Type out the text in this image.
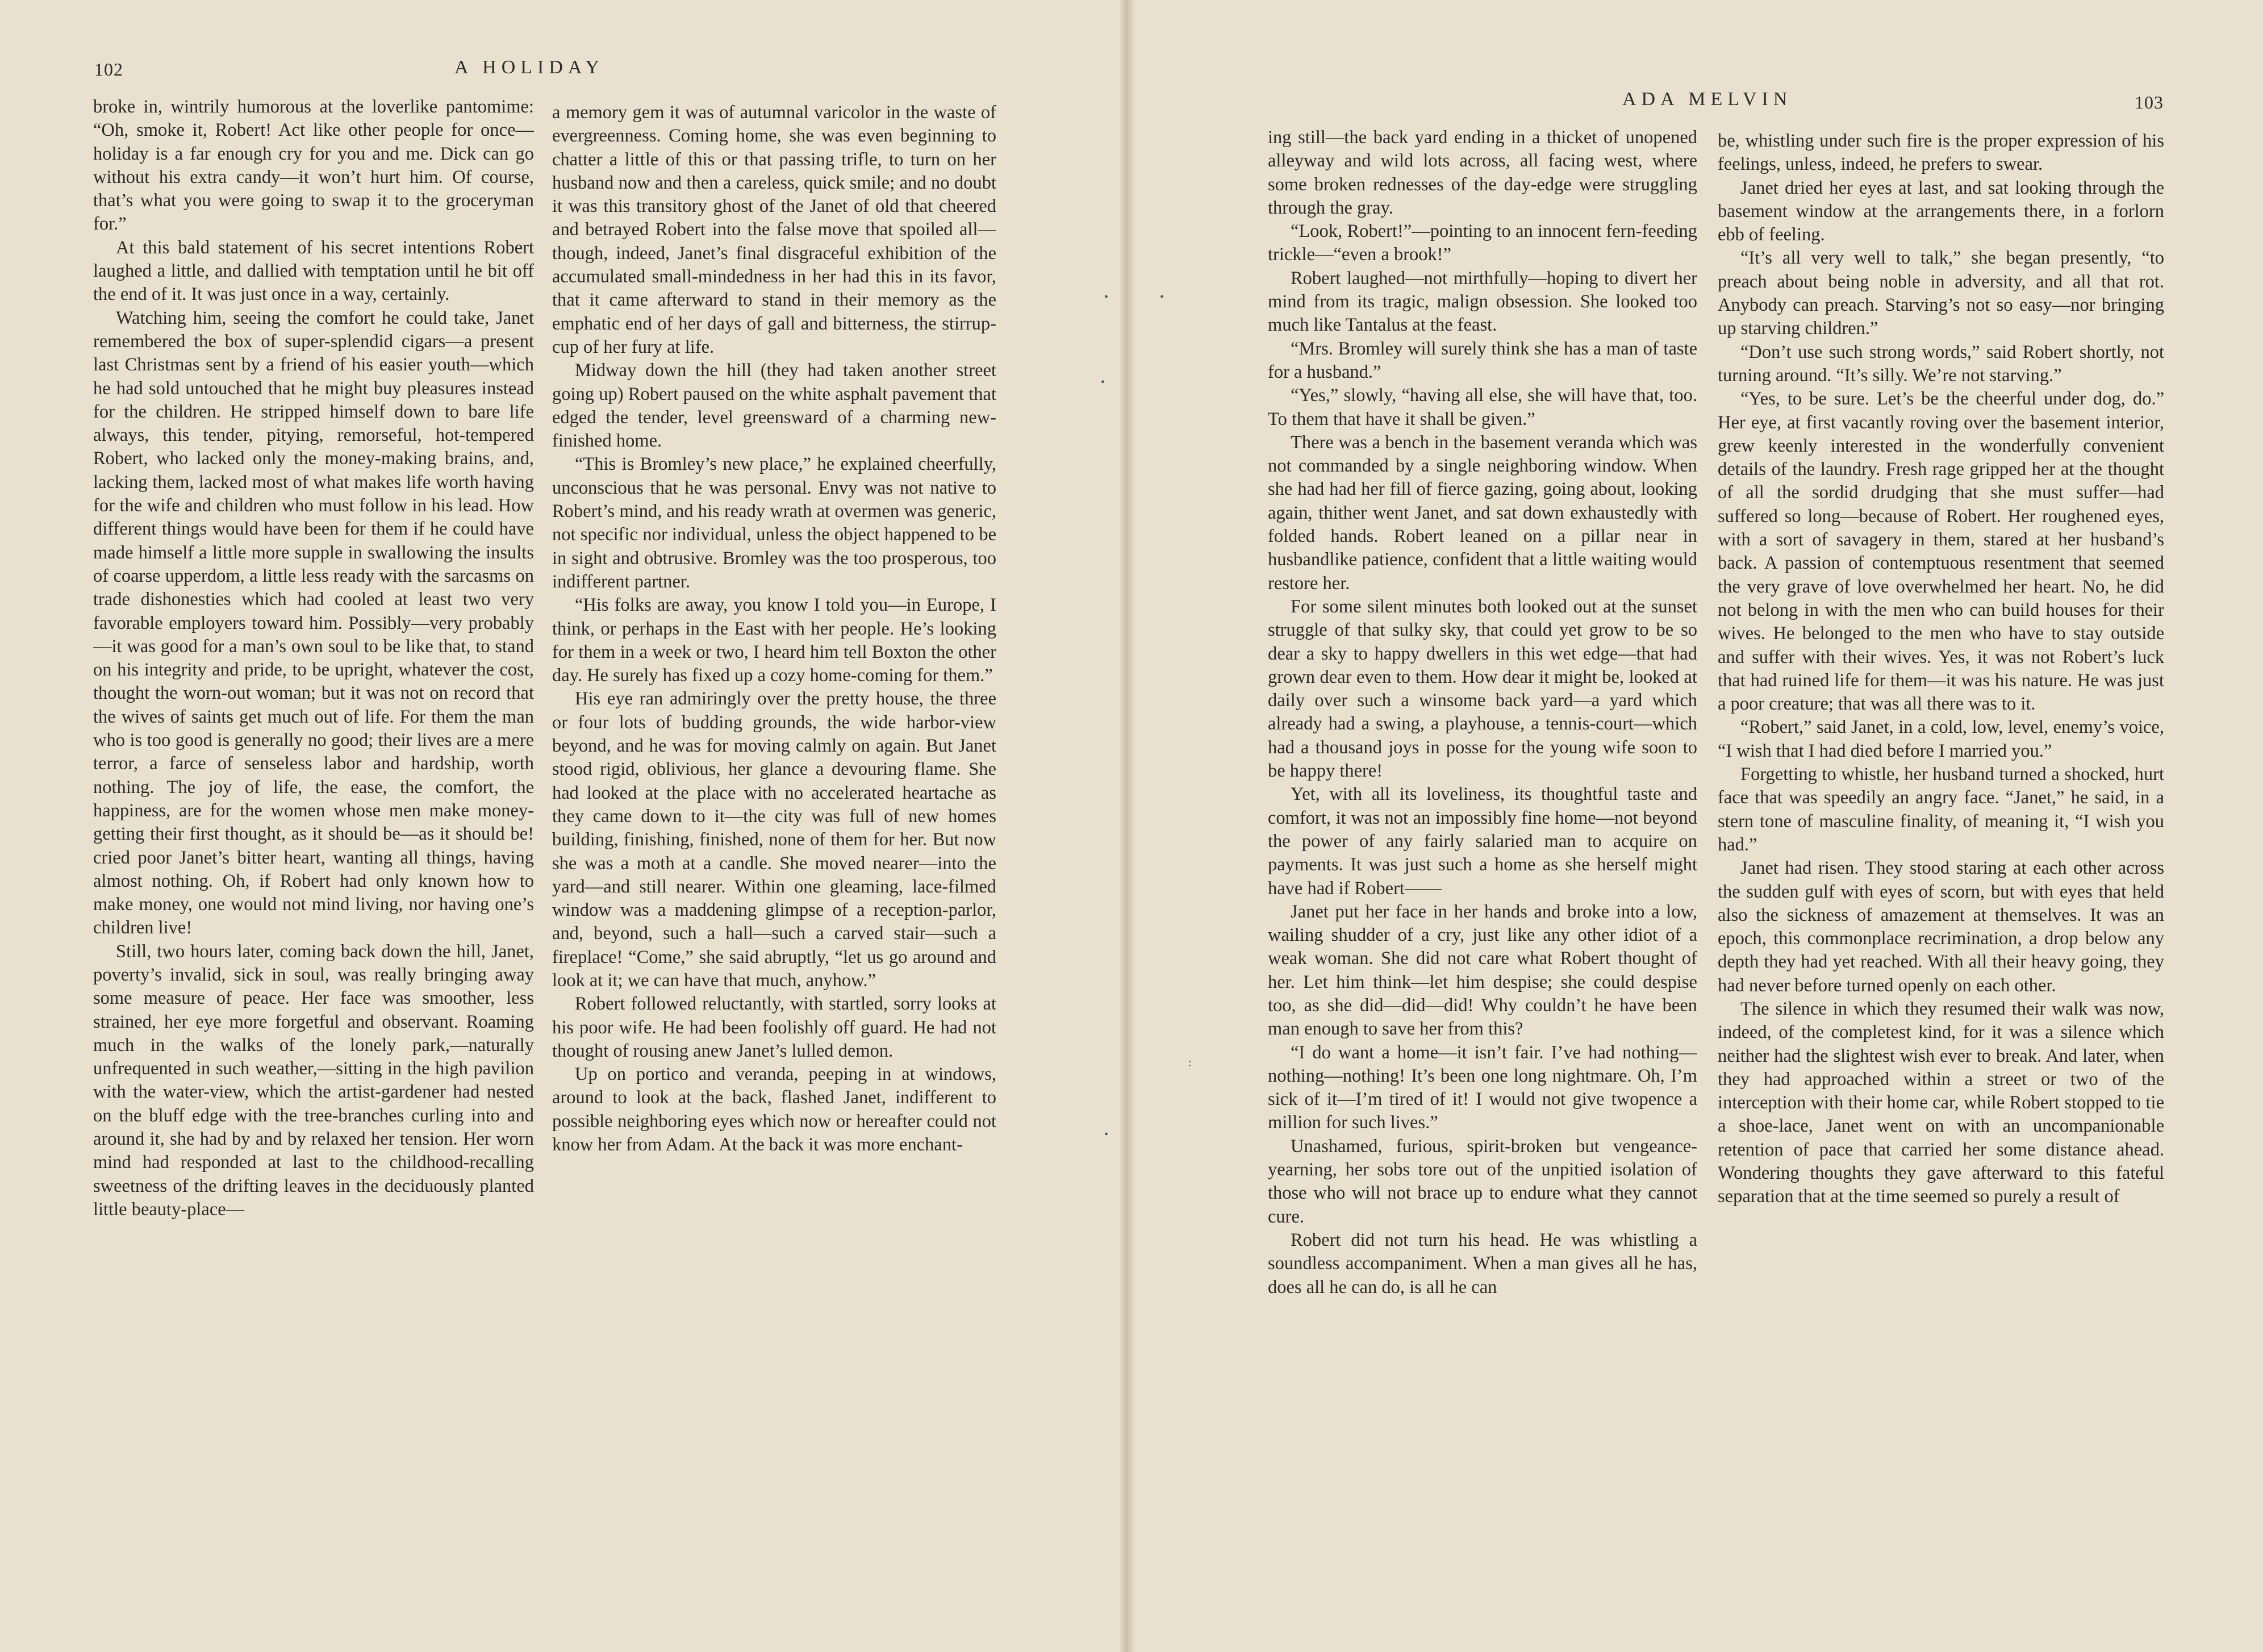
102	A HOLIDAY

broke in, wintrily humorous at the loverlike pantomime: “Oh, smoke it, Robert! Act like other people for once—holiday is a far enough cry for you and me. Dick can go without his extra candy—it won’t hurt him. Of course, that’s what you were going to swap it to the groceryman for.”

At this bald statement of his secret intentions Robert laughed a little, and dallied with temptation until he bit off the end of it. It was just once in a way, certainly.

Watching him, seeing the comfort he could take, Janet remembered the box of super-splendid cigars—a present last Christmas sent by a friend of his easier youth—which he had sold untouched that he might buy pleasures instead for the children. He stripped himself down to bare life always, this tender, pitying, remorseful, hot-tempered Robert, who lacked only the money-making brains, and, lacking them, lacked most of what makes life worth having for the wife and children who must follow in his lead. How different things would have been for them if he could have made himself a little more supple in swallowing the insults of coarse upperdom, a little less ready with the sarcasms on trade dishonesties which had cooled at least two very favorable employers toward him. Possibly—very probably—it was good for a man’s own soul to be like that, to stand on his integrity and pride, to be upright, whatever the cost, thought the worn-out woman; but it was not on record that the wives of saints get much out of life. For them the man who is too good is generally no good; their lives are a mere terror, a farce of senseless labor and hardship, worth nothing. The joy of life, the ease, the comfort, the happiness, are for the women whose men make money-getting their first thought, as it should be—as it should be! cried poor Janet’s bitter heart, wanting all things, having almost nothing. Oh, if Robert had only known how to make money, one would not mind living, nor having one’s children live!

Still, two hours later, coming back down the hill, Janet, poverty’s invalid, sick in soul, was really bringing away some measure of peace. Her face was smoother, less strained, her eye more forgetful and observant. Roaming much in the walks of the lonely park,—naturally unfrequented in such weather,—sitting in the high pavilion with the water-view, which the artist-gardener had nested on the bluff edge with the tree-branches curling into and around it, she had by and by relaxed her tension. Her worn mind had responded at last to the childhood-recalling sweetness of the drifting leaves in the deciduously planted little beauty-place—

a memory gem it was of autumnal varicolor in the waste of evergreenness. Coming home, she was even beginning to chatter a little of this or that passing trifle, to turn on her husband now and then a careless, quick smile; and no doubt it was this transitory ghost of the Janet of old that cheered and betrayed Robert into the false move that spoiled all—though, indeed, Janet’s final disgraceful exhibition of the accumulated small-mindedness in her had this in its favor, that it came afterward to stand in their memory as the emphatic end of her days of gall and bitterness, the stirrup-cup of her fury at life.

Midway down the hill (they had taken another street going up) Robert paused on the white asphalt pavement that edged the tender, level greensward of a charming new-finished home.

“This is Bromley’s new place,” he explained cheerfully, unconscious that he was personal. Envy was not native to Robert’s mind, and his ready wrath at overmen was generic, not specific nor individual, unless the object happened to be in sight and obtrusive. Bromley was the too prosperous, too indifferent partner.

“His folks are away, you know I told you—in Europe, I think, or perhaps in the East with her people. He’s looking for them in a week or two, I heard him tell Boxton the other day. He surely has fixed up a cozy home-coming for them.”

His eye ran admiringly over the pretty house, the three or four lots of budding grounds, the wide harbor-view beyond, and he was for moving calmly on again. But Janet stood rigid, oblivious, her glance a devouring flame. She had looked at the place with no accelerated heartache as they came down to it—the city was full of new homes building, finishing, finished, none of them for her. But now she was a moth at a candle. She moved nearer—into the yard—and still nearer. Within one gleaming, lace-filmed window was a maddening glimpse of a reception-parlor, and, beyond, such a hall—such a carved stair—such a fireplace! “Come,” she said abruptly, “let us go around and look at it; we can have that much, anyhow.”

Robert followed reluctantly, with startled, sorry looks at his poor wife. He had been foolishly off guard. He had not thought of rousing anew Janet’s lulled demon.

Up on portico and veranda, peeping in at windows, around to look at the back, flashed Janet, indifferent to possible neighboring eyes which now or hereafter could not know her from Adam. At the back it was more enchant-

•
•
•
ADA MELVIN	103

ing still—the back yard ending in a thicket of unopened alleyway and wild lots across, all facing west, where some broken rednesses of the day-edge were struggling through the gray.

“Look, Robert!”—pointing to an innocent fern-feeding trickle—“even a brook!”

Robert laughed—not mirthfully—hoping to divert her mind from its tragic, malign obsession. She looked too much like Tantalus at the feast.

“Mrs. Bromley will surely think she has a man of taste for a husband.”

“Yes,” slowly, “having all else, she will have that, too. To them that have it shall be given.”

There was a bench in the basement veranda which was not commanded by a single neighboring window. When she had had her fill of fierce gazing, going about, looking again, thither went Janet, and sat down exhaustedly with folded hands. Robert leaned on a pillar near in husbandlike patience, confident that a little waiting would restore her.

For some silent minutes both looked out at the sunset struggle of that sulky sky, that could yet grow to be so dear a sky to happy dwellers in this wet edge—that had grown dear even to them. How dear it might be, looked at daily over such a winsome back yard—a yard which already had a swing, a playhouse, a tennis-court—which had a thousand joys in posse for the young wife soon to be happy there!

Yet, with all its loveliness, its thoughtful taste and comfort, it was not an impossibly fine home—not beyond the power of any fairly salaried man to acquire on payments. It was just such a home as she herself might have had if Robert——

Janet put her face in her hands and broke into a low, wailing shudder of a cry, just like any other idiot of a weak woman. She did not care what Robert thought of her. Let him think—let him despise; she could despise too, as she did—did—did! Why couldn’t he have been man enough to save her from this?

“I do want a home—it isn’t fair. I’ve had nothing—nothing—nothing! It’s been one long nightmare. Oh, I’m sick of it—I’m tired of it! I would not give twopence a million for such lives.”

Unashamed, furious, spirit-broken but vengeance-yearning, her sobs tore out of the unpitied isolation of those who will not brace up to endure what they cannot cure.

Robert did not turn his head. He was whistling a soundless accompaniment. When a man gives all he has, does all he can do, is all he can

be, whistling under such fire is the proper expression of his feelings, unless, indeed, he prefers to swear.

Janet dried her eyes at last, and sat looking through the basement window at the arrangements there, in a forlorn ebb of feeling.

“It’s all very well to talk,” she began presently, “to preach about being noble in adversity, and all that rot. Anybody can preach. Starving’s not so easy—nor bringing up starving children.”

“Don’t use such strong words,” said Robert shortly, not turning around. “It’s silly. We’re not starving.”

“Yes, to be sure. Let’s be the cheerful under dog, do.” Her eye, at first vacantly roving over the basement interior, grew keenly interested in the wonderfully convenient details of the laundry. Fresh rage gripped her at the thought of all the sordid drudging that she must suffer—had suffered so long—because of Robert. Her roughened eyes, with a sort of savagery in them, stared at her husband’s back. A passion of contemptuous resentment that seemed the very grave of love overwhelmed her heart. No, he did not belong in with the men who can build houses for their wives. He belonged to the men who have to stay outside and suffer with their wives. Yes, it was not Robert’s luck that had ruined life for them—it was his nature. He was just a poor creature; that was all there was to it.

“Robert,” said Janet, in a cold, low, level, enemy’s voice, “I wish that I had died before I married you.”

Forgetting to whistle, her husband turned a shocked, hurt face that was speedily an angry face. “Janet,” he said, in a stern tone of masculine finality, of meaning it, “I wish you had.”

Janet had risen. They stood staring at each other across the sudden gulf with eyes of scorn, but with eyes that held also the sickness of amazement at themselves. It was an epoch, this commonplace recrimination, a drop below any depth they had yet reached. With all their heavy going, they had never before turned openly on each other.

The silence in which they resumed their walk was now, indeed, of the completest kind, for it was a silence which neither had the slightest wish ever to break. And later, when they had approached within a street or two of the interception with their home car, while Robert stopped to tie a shoe-lace, Janet went on with an uncompanionable retention of pace that carried her some distance ahead. Wondering thoughts they gave afterward to this fateful separation that at the time seemed so purely a result of

•
:
